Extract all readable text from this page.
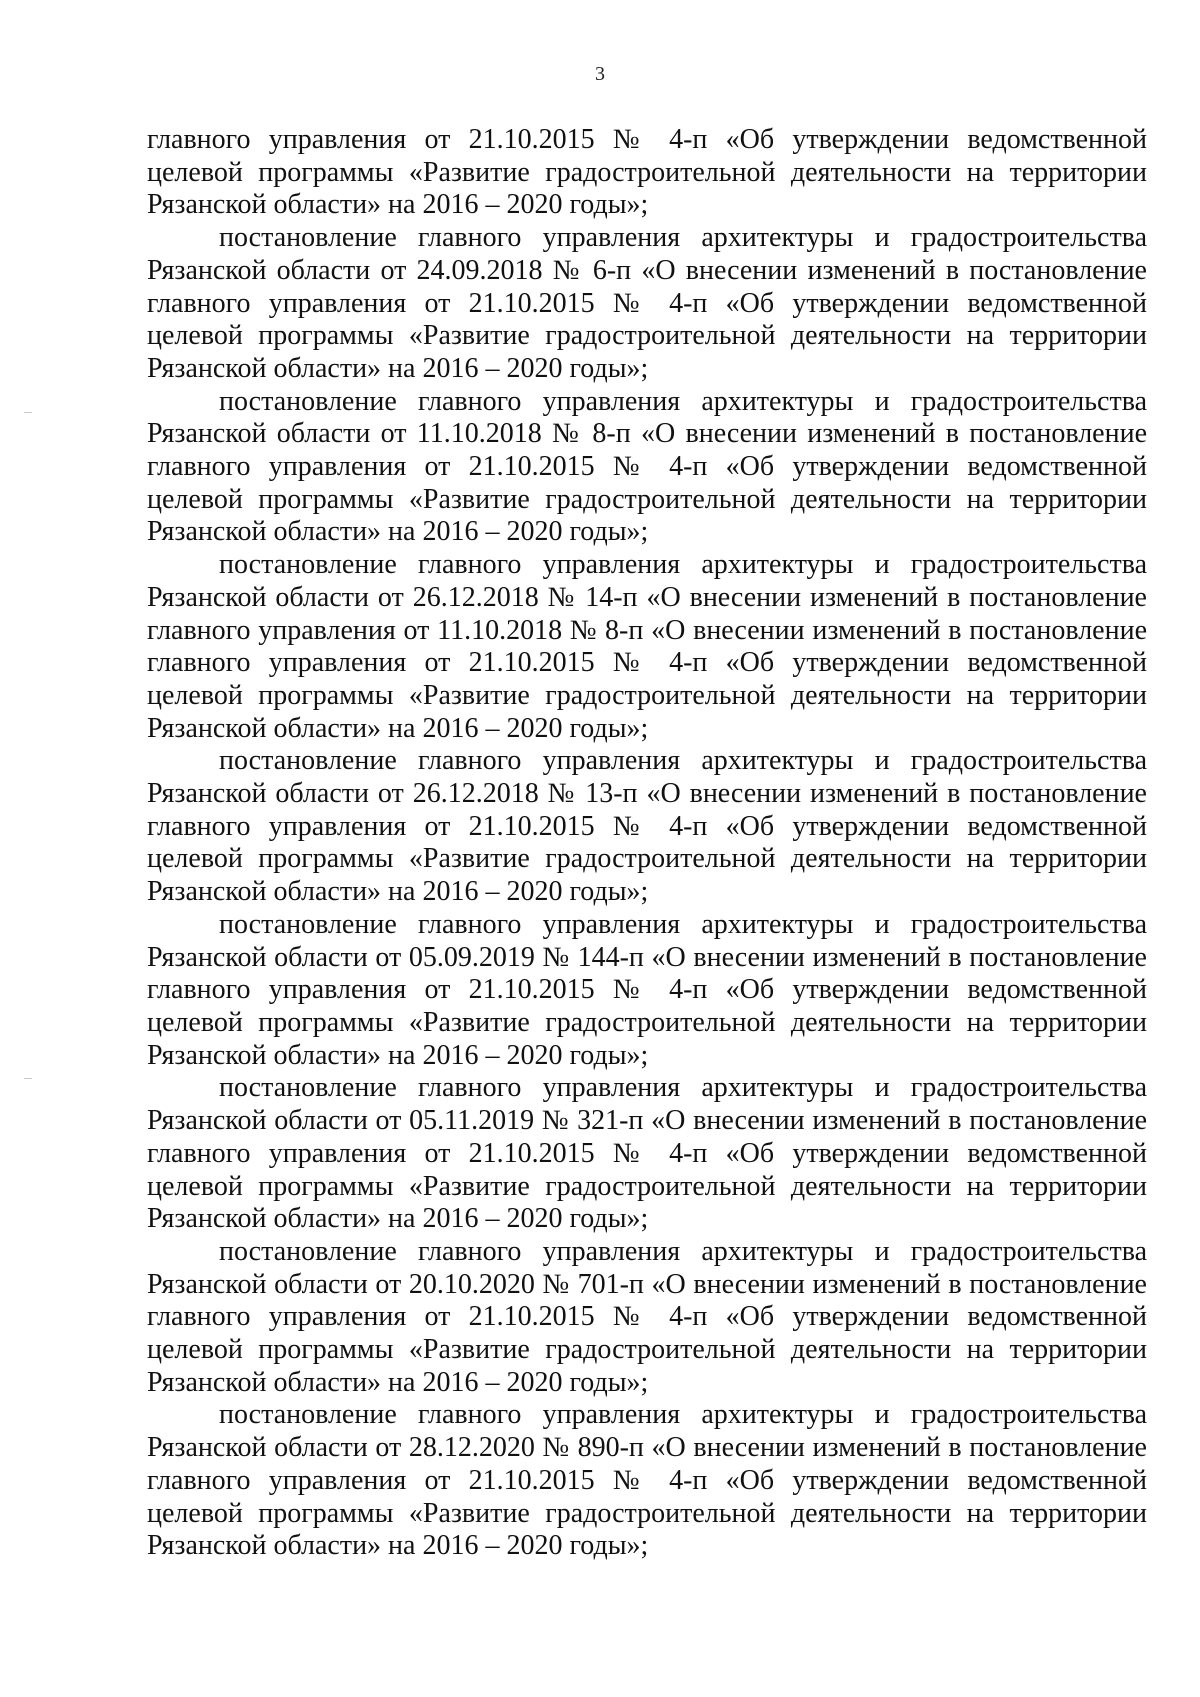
3

главного управления от 21.10.2015 № 4-п «Об утверждении ведомственной целевой программы «Развитие градостроительной деятельности на территории Рязанской области» на 2016 – 2020 годы»;

постановление главного управления архитектуры и градостроительства Рязанской области от 24.09.2018 № 6-п «О внесении изменений в постановление главного управления от 21.10.2015 № 4-п «Об утверждении ведомственной целевой программы «Развитие градостроительной деятельности на территории Рязанской области» на 2016 – 2020 годы»;

постановление главного управления архитектуры и градостроительства Рязанской области от 11.10.2018 № 8-п «О внесении изменений в постановление главного управления от 21.10.2015 № 4-п «Об утверждении ведомственной целевой программы «Развитие градостроительной деятельности на территории Рязанской области» на 2016 – 2020 годы»;

постановление главного управления архитектуры и градостроительства Рязанской области от 26.12.2018 № 14-п «О внесении изменений в постановление главного управления от 11.10.2018 № 8-п «О внесении изменений в постановление главного управления от 21.10.2015 № 4-п «Об утверждении ведомственной целевой программы «Развитие градостроительной деятельности на территории Рязанской области» на 2016 – 2020 годы»;

постановление главного управления архитектуры и градостроительства Рязанской области от 26.12.2018 № 13-п «О внесении изменений в постановление главного управления от 21.10.2015 № 4-п «Об утверждении ведомственной целевой программы «Развитие градостроительной деятельности на территории Рязанской области» на 2016 – 2020 годы»;

постановление главного управления архитектуры и градостроительства Рязанской области от 05.09.2019 № 144-п «О внесении изменений в постановление главного управления от 21.10.2015 № 4-п «Об утверждении ведомственной целевой программы «Развитие градостроительной деятельности на территории Рязанской области» на 2016 – 2020 годы»;

постановление главного управления архитектуры и градостроительства Рязанской области от 05.11.2019 № 321-п «О внесении изменений в постановление главного управления от 21.10.2015 № 4-п «Об утверждении ведомственной целевой программы «Развитие градостроительной деятельности на территории Рязанской области» на 2016 – 2020 годы»;

постановление главного управления архитектуры и градостроительства Рязанской области от 20.10.2020 № 701-п «О внесении изменений в постановление главного управления от 21.10.2015 № 4-п «Об утверждении ведомственной целевой программы «Развитие градостроительной деятельности на территории Рязанской области» на 2016 – 2020 годы»;

постановление главного управления архитектуры и градостроительства Рязанской области от 28.12.2020 № 890-п «О внесении изменений в постановление главного управления от 21.10.2015 № 4-п «Об утверждении ведомственной целевой программы «Развитие градостроительной деятельности на территории Рязанской области» на 2016 – 2020 годы»;
